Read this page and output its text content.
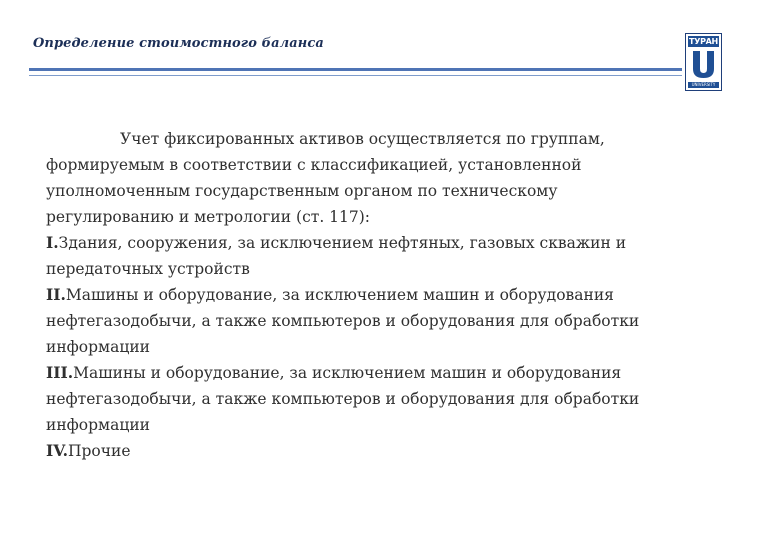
Определение стоимостного баланса	ТУРАН
UNIVERSITY

Учет фиксированных активов осуществляется по группам, формируемым в соответствии с классификацией, установленной уполномоченным государственным органом по техническому регулированию и метрологии (ст. 117):

I.Здания, сооружения, за исключением нефтяных, газовых скважин и передаточных устройств

II.Машины и оборудование, за исключением машин и оборудования нефтегазодобычи, а также компьютеров и оборудования для обработки информации

III.Машины и оборудование, за исключением машин и оборудования нефтегазодобычи, а также компьютеров и оборудования для обработки информации

IV.Прочие
